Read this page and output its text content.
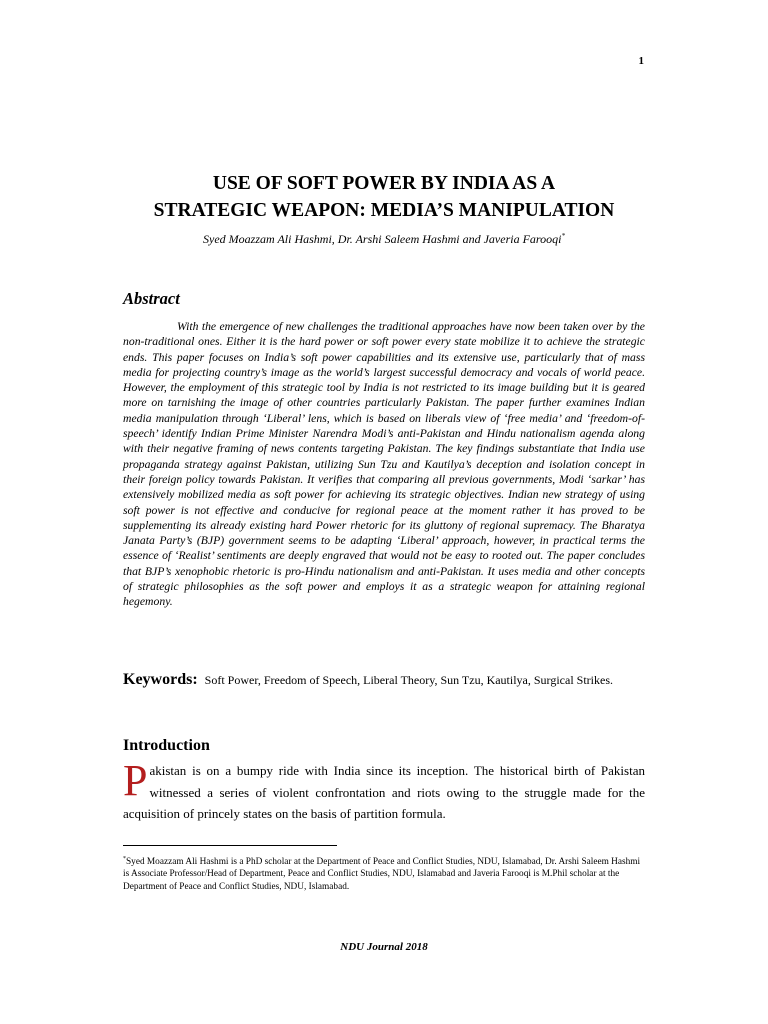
1
USE OF SOFT POWER BY INDIA AS A
STRATEGIC WEAPON: MEDIA’S MANIPULATION
Syed Moazzam Ali Hashmi, Dr. Arshi Saleem Hashmi and Javeria Farooqi*
Abstract
With the emergence of new challenges the traditional approaches have now been taken over by the non-traditional ones. Either it is the hard power or soft power every state mobilize it to achieve the strategic ends. This paper focuses on India’s soft power capabilities and its extensive use, particularly that of mass media for projecting country’s image as the world’s largest successful democracy and vocals of world peace. However, the employment of this strategic tool by India is not restricted to its image building but it is geared more on tarnishing the image of other countries particularly Pakistan. The paper further examines Indian media manipulation through ‘Liberal’ lens, which is based on liberals view of ‘free media’ and ‘freedom-of-speech’ identify Indian Prime Minister Narendra Modi’s anti-Pakistan and Hindu nationalism agenda along with their negative framing of news contents targeting Pakistan. The key findings substantiate that India use propaganda strategy against Pakistan, utilizing Sun Tzu and Kautilya’s deception and isolation concept in their foreign policy towards Pakistan. It verifies that comparing all previous governments, Modi ‘sarkar’ has extensively mobilized media as soft power for achieving its strategic objectives. Indian new strategy of using soft power is not effective and conducive for regional peace at the moment rather it has proved to be supplementing its already existing hard Power rhetoric for its gluttony of regional supremacy. The Bharatya Janata Party’s (BJP) government seems to be adapting ‘Liberal’ approach, however, in practical terms the essence of ‘Realist’ sentiments are deeply engraved that would not be easy to rooted out. The paper concludes that BJP’s xenophobic rhetoric is pro-Hindu nationalism and anti-Pakistan. It uses media and other concepts of strategic philosophies as the soft power and employs it as a strategic weapon for attaining regional hegemony.
Keywords: Soft Power, Freedom of Speech, Liberal Theory, Sun Tzu, Kautilya, Surgical Strikes.
Introduction
P akistan is on a bumpy ride with India since its inception. The historical birth of Pakistan witnessed a series of violent confrontation and riots owing to the struggle made for the acquisition of princely states on the basis of partition formula.
*Syed Moazzam Ali Hashmi is a PhD scholar at the Department of Peace and Conflict Studies, NDU, Islamabad, Dr. Arshi Saleem Hashmi is Associate Professor/Head of Department, Peace and Conflict Studies, NDU, Islamabad and Javeria Farooqi is M.Phil scholar at the Department of Peace and Conflict Studies, NDU, Islamabad.
NDU Journal 2018
